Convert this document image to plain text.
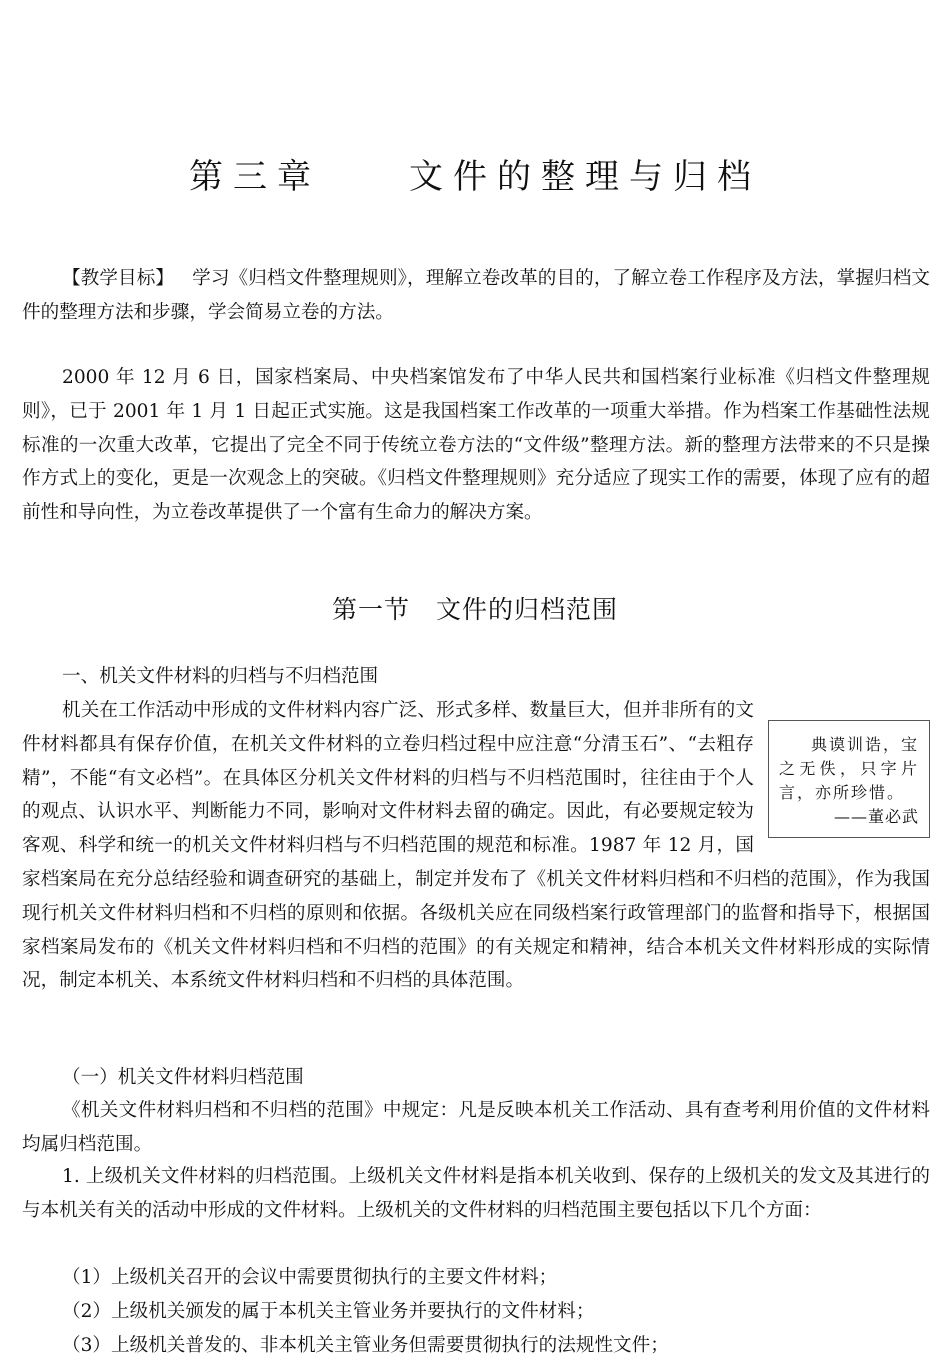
第三章　　文件的整理与归档

【教学目标】 学习《归档文件整理规则》，理解立卷改革的目的，了解立卷工作程序及方法，掌握归档文件的整理方法和步骤，学会简易立卷的方法。

2000 年 12 月 6 日，国家档案局、中央档案馆发布了中华人民共和国档案行业标准《归档文件整理规则》，已于 2001 年 1 月 1 日起正式实施。这是我国档案工作改革的一项重大举措。作为档案工作基础性法规标准的一次重大改革，它提出了完全不同于传统立卷方法的“文件级”整理方法。新的整理方法带来的不只是操作方式上的变化，更是一次观念上的突破。《归档文件整理规则》充分适应了现实工作的需要，体现了应有的超前性和导向性，为立卷改革提供了一个富有生命力的解决方案。

第一节　文件的归档范围
一、机关文件材料的归档与不归档范围
典谟训诰，宝之无佚，只字片言，亦所珍惜。
——董必武
机关在工作活动中形成的文件材料内容广泛、形式多样、数量巨大，但并非所有的文件材料都具有保存价值，在机关文件材料的立卷归档过程中应注意“分清玉石”、“去粗存精”，不能“有文必档”。在具体区分机关文件材料的归档与不归档范围时，往往由于个人的观点、认识水平、判断能力不同，影响对文件材料去留的确定。因此，有必要规定较为客观、科学和统一的机关文件材料归档与不归档范围的规范和标准。1987 年 12 月，国家档案局在充分总结经验和调查研究的基础上，制定并发布了《机关文件材料归档和不归档的范围》，作为我国现行机关文件材料归档和不归档的原则和依据。各级机关应在同级档案行政管理部门的监督和指导下，根据国家档案局发布的《机关文件材料归档和不归档的范围》的有关规定和精神，结合本机关文件材料形成的实际情况，制定本机关、本系统文件材料归档和不归档的具体范围。
（一）机关文件材料归档范围

《机关文件材料归档和不归档的范围》中规定：凡是反映本机关工作活动、具有查考利用价值的文件材料均属归档范围。

1. 上级机关文件材料的归档范围。上级机关文件材料是指本机关收到、保存的上级机关的发文及其进行的与本机关有关的活动中形成的文件材料。上级机关的文件材料的归档范围主要包括以下几个方面：

（1）上级机关召开的会议中需要贯彻执行的主要文件材料；
（2）上级机关颁发的属于本机关主管业务并要执行的文件材料；
（3）上级机关普发的、非本机关主管业务但需要贯彻执行的法规性文件；
